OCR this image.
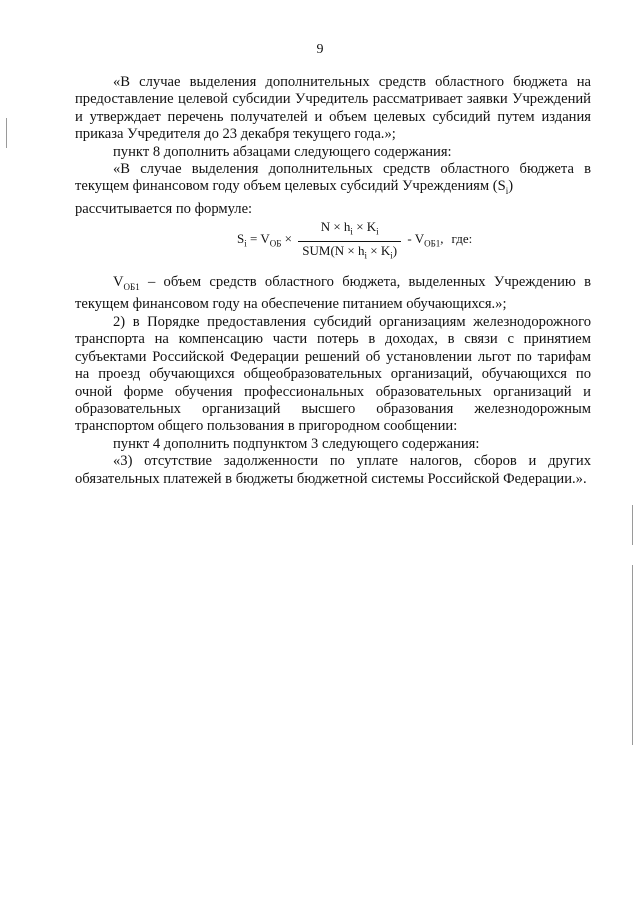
9

«В случае выделения дополнительных средств областного бюджета на предоставление целевой субсидии Учредитель рассматривает заявки Учреждений и утверждает перечень получателей и объем целевых субсидий путем издания приказа Учредителя до 23 декабря текущего года.»;

пункт 8 дополнить абзацами следующего содержания:

«В случае выделения дополнительных средств областного бюджета в текущем финансовом году объем целевых субсидий Учреждениям $(S_i)$

рассчитывается по формуле:

$S_i = V_{ОБ} \times \frac{N \times h_i \times K_i}{SUM(N \times h_i \times K_i)} - V_{ОБ1}$, где:

$V_{ОБ1}$ – объем средств областного бюджета, выделенных Учреждению в текущем финансовом году на обеспечение питанием обучающихся.»;

2) в Порядке предоставления субсидий организациям железнодорожного транспорта на компенсацию части потерь в доходах, в связи с принятием субъектами Российской Федерации решений об установлении льгот по тарифам на проезд обучающихся общеобразовательных организаций, обучающихся по очной форме обучения профессиональных образовательных организаций и образовательных организаций высшего образования железнодорожным транспортом общего пользования в пригородном сообщении:

пункт 4 дополнить подпунктом 3 следующего содержания:

«3) отсутствие задолженности по уплате налогов, сборов и других обязательных платежей в бюджеты бюджетной системы Российской Федерации.».
